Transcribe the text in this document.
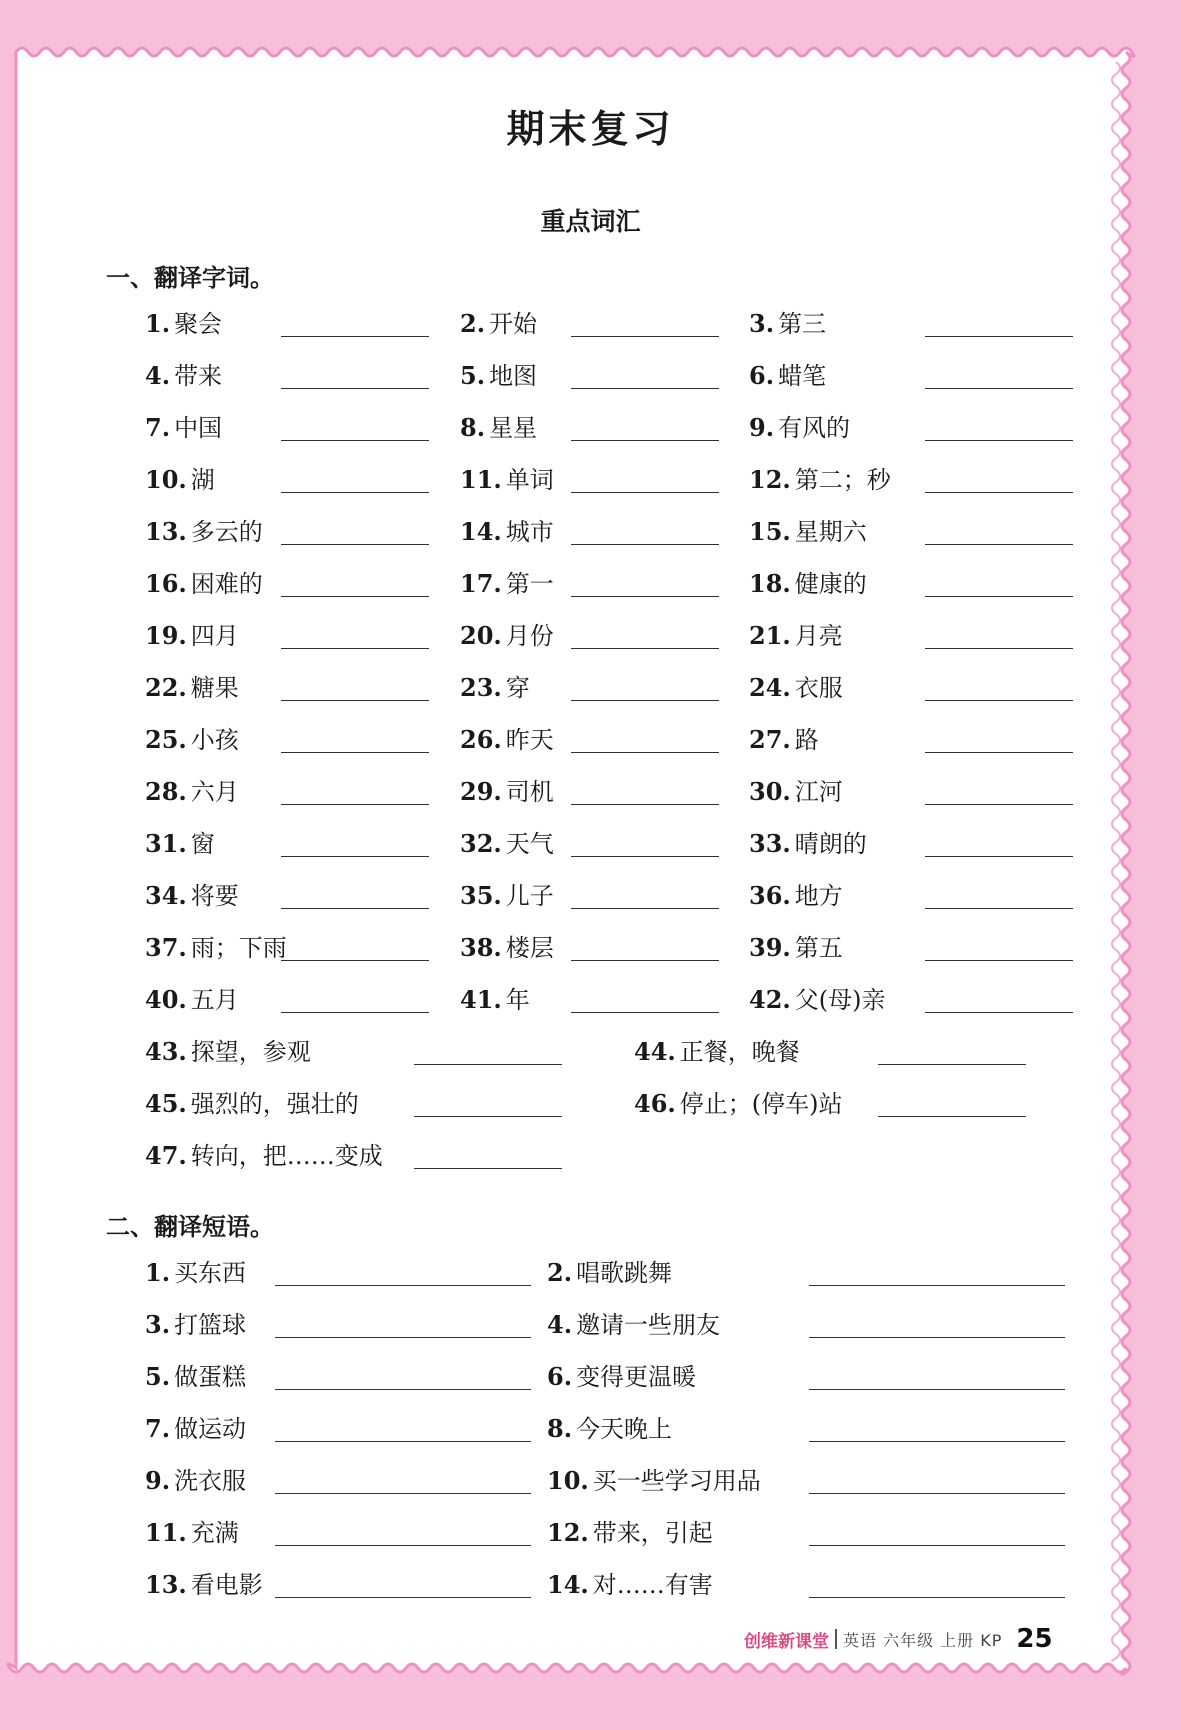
期末复习
重点词汇
一、翻译字词。
二、翻译短语。
1. 聚会	2. 开始	3. 第三
4. 带来	5. 地图	6. 蜡笔
7. 中国	8. 星星	9. 有风的
10. 湖	11. 单词	12. 第二；秒
13. 多云的	14. 城市	15. 星期六
16. 困难的	17. 第一	18. 健康的
19. 四月	20. 月份	21. 月亮
22. 糖果	23. 穿	24. 衣服
25. 小孩	26. 昨天	27. 路
28. 六月	29. 司机	30. 江河
31. 窗	32. 天气	33. 晴朗的
34. 将要	35. 儿子	36. 地方
37. 雨；下雨	38. 楼层	39. 第五
40. 五月	41. 年	42. 父(母)亲
43. 探望，参观	44. 正餐，晚餐
45. 强烈的，强壮的	46. 停止；(停车)站
47. 转向，把……变成
1. 买东西	2. 唱歌跳舞
3. 打篮球	4. 邀请一些朋友
5. 做蛋糕	6. 变得更温暖
7. 做运动	8. 今天晚上
9. 洗衣服	10. 买一些学习用品
11. 充满	12. 带来，引起
13. 看电影	14. 对……有害
创维新课堂 英语 六年级 上册 KP 25
